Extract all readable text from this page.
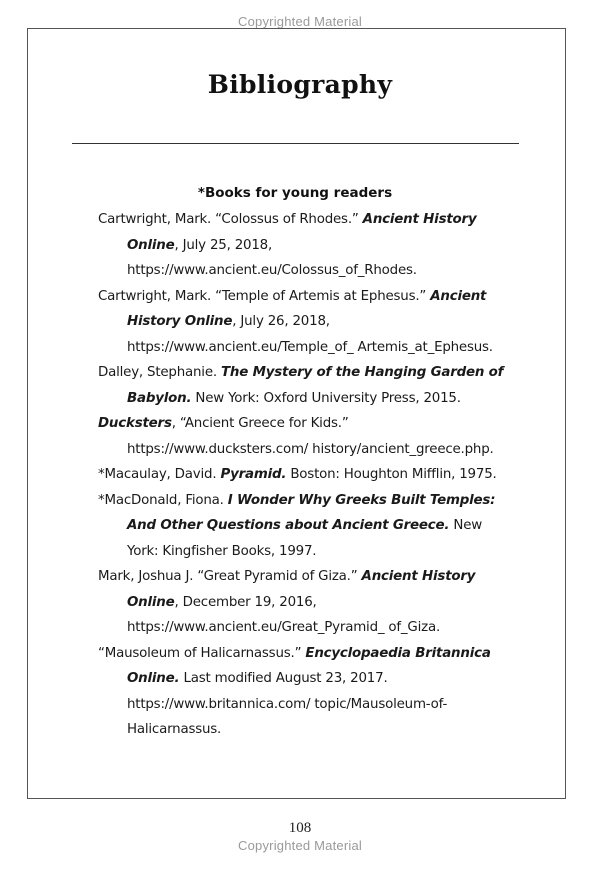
Copyrighted Material
Bibliography
*Books for young readers
Cartwright, Mark. “Colossus of Rhodes.” Ancient History Online, July 25, 2018, https://www.ancient.eu/Colossus_of_Rhodes.
Cartwright, Mark. “Temple of Artemis at Ephesus.” Ancient History Online, July 26, 2018, https://www.ancient.eu/Temple_of_ Artemis_at_Ephesus.
Dalley, Stephanie. The Mystery of the Hanging Garden of Babylon. New York: Oxford University Press, 2015.
Ducksters, “Ancient Greece for Kids.” https://www.ducksters.com/ history/ancient_greece.php.
*Macaulay, David. Pyramid. Boston: Houghton Mifflin, 1975.
*MacDonald, Fiona. I Wonder Why Greeks Built Temples: And Other Questions about Ancient Greece. New York: Kingfisher Books, 1997.
Mark, Joshua J. “Great Pyramid of Giza.” Ancient History Online, December 19, 2016, https://www.ancient.eu/Great_Pyramid_ of_Giza.
“Mausoleum of Halicarnassus.” Encyclopaedia Britannica Online. Last modified August 23, 2017. https://www.britannica.com/ topic/Mausoleum-of-Halicarnassus.
108
Copyrighted Material
